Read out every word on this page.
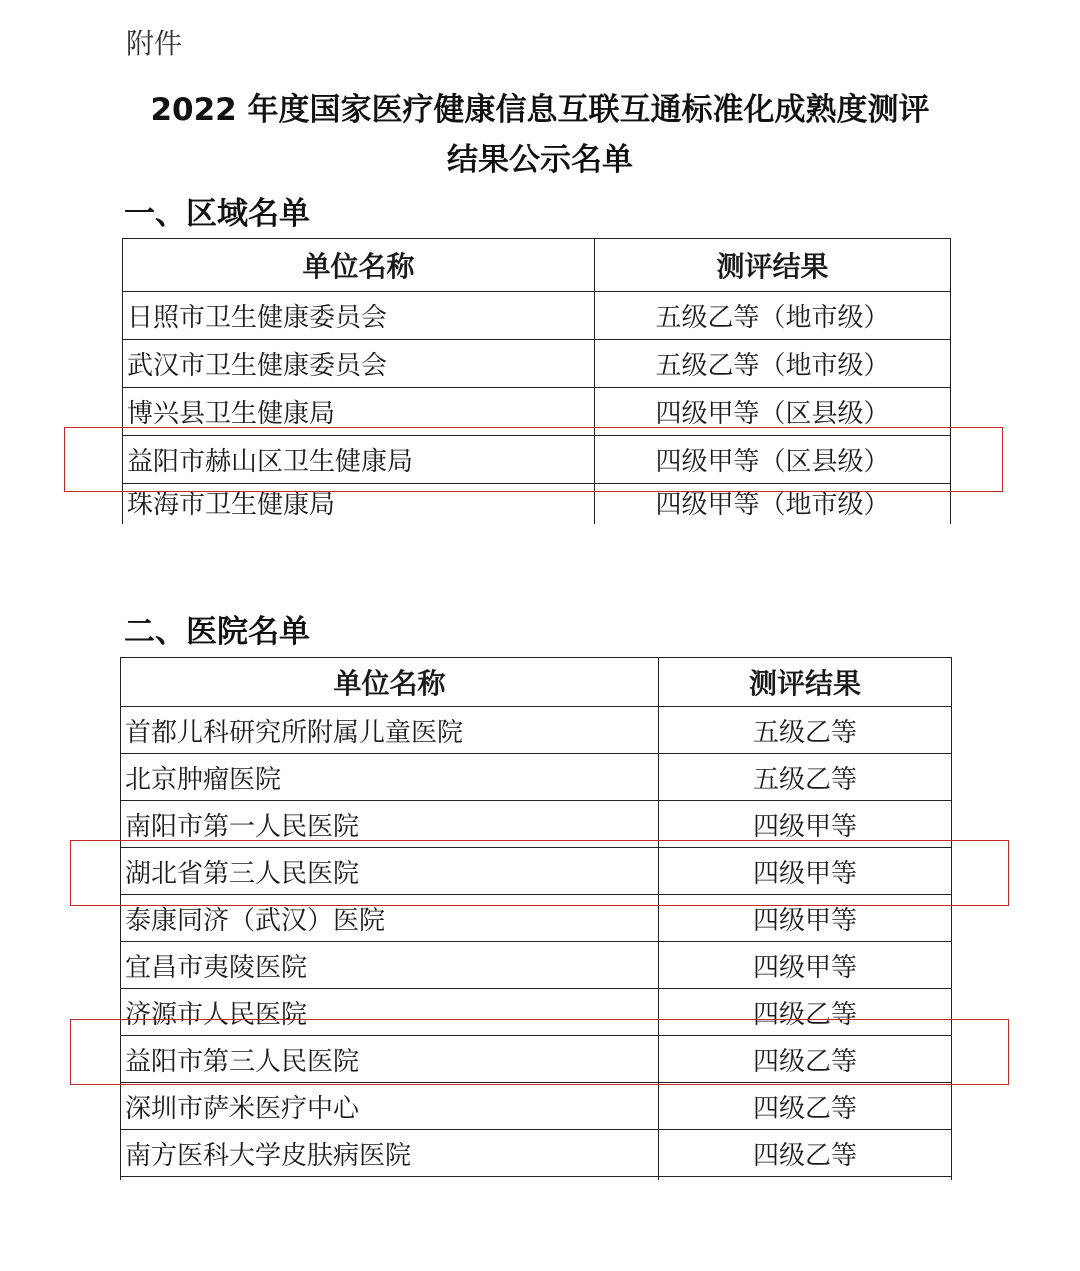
附件
2022 年度国家医疗健康信息互联互通标准化成熟度测评
结果公示名单
一、区域名单
单位名称	测评结果
日照市卫生健康委员会	五级乙等（地市级）
武汉市卫生健康委员会	五级乙等（地市级）
博兴县卫生健康局	四级甲等（区县级）
益阳市赫山区卫生健康局	四级甲等（区县级）
珠海市卫生健康局	四级甲等（地市级）
二、医院名单
单位名称	测评结果
首都儿科研究所附属儿童医院	五级乙等
北京肿瘤医院	五级乙等
南阳市第一人民医院	四级甲等
湖北省第三人民医院	四级甲等
泰康同济（武汉）医院	四级甲等
宜昌市夷陵医院	四级甲等
济源市人民医院	四级乙等
益阳市第三人民医院	四级乙等
深圳市萨米医疗中心	四级乙等
南方医科大学皮肤病医院	四级乙等
